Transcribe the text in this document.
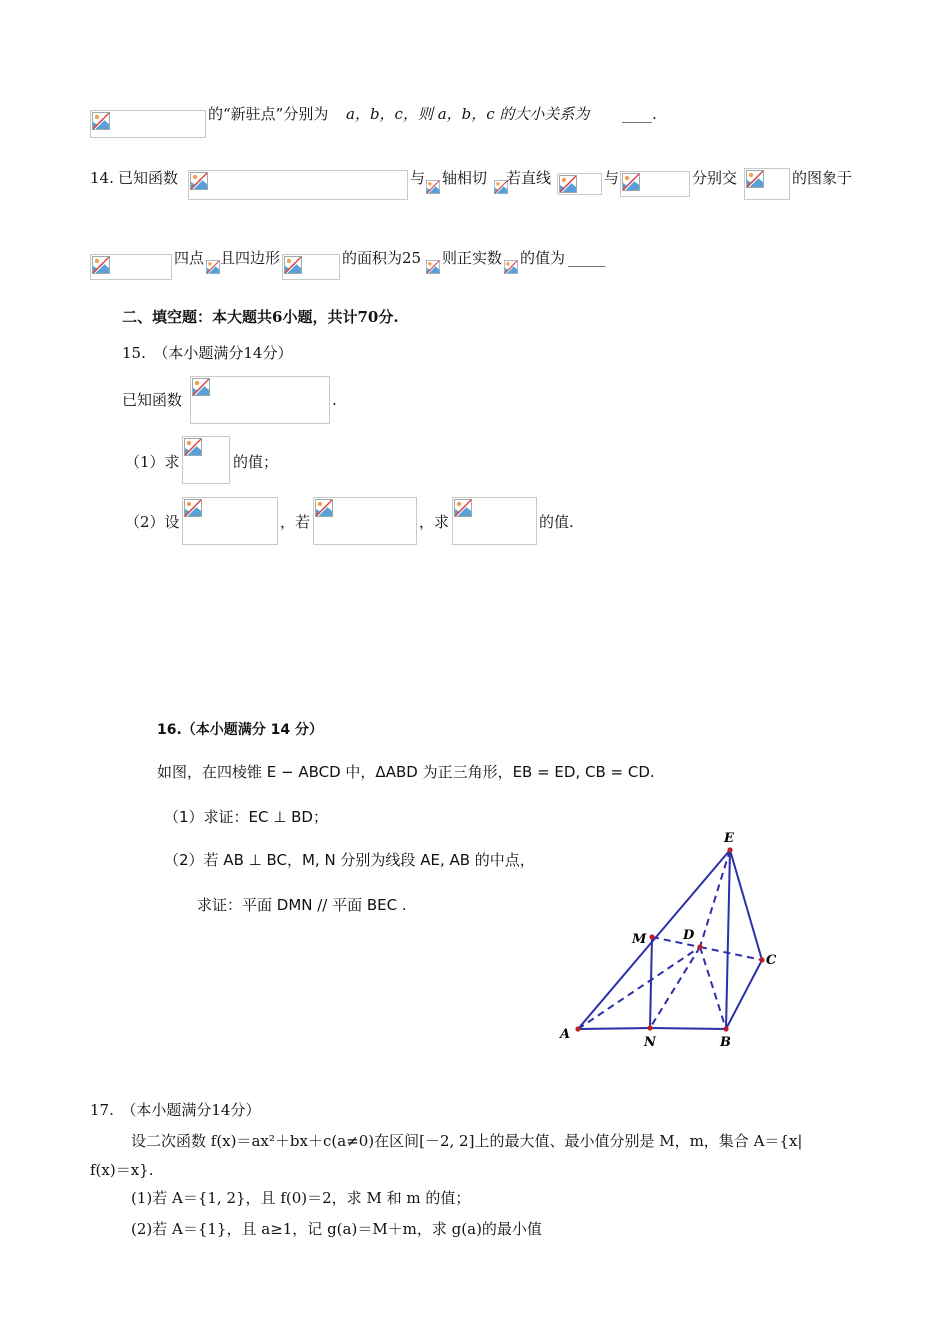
的“新驻点”分别为 a，b，c，则 a，b，c 的大小关系为 ____.
14. 已知函数	与 轴相切 若直线	与	分别交	的图象于
四点 且四边形	的面积为25 则正实数 的值为 _____
二、填空题：本大题共6小题，共计70分.
15.　（本小题满分14分）
已知函数	.
（1）求	的值；
（2）设	，若	，求	的值.
16.（本小题满分 14 分）
如图，在四棱锥 E − ABCD 中，ΔABD 为正三角形，EB = ED, CB = CD.
（1）求证：EC ⊥ BD；
（2）若 AB ⊥ BC，M, N 分别为线段 AE, AB 的中点，
求证：平面 DMN // 平面 BEC .
E
M	D
C
A
N	B
17.　（本小题满分14分）
设二次函数 f(x)＝ax²＋bx＋c(a≠0)在区间[－2, 2]上的最大值、最小值分别是 M，m，集合 A＝{x|
f(x)＝x}.
(1)若 A＝{1, 2}，且 f(0)＝2，求 M 和 m 的值；
(2)若 A＝{1}，且 a≥1，记 g(a)＝M＋m，求 g(a)的最小值
